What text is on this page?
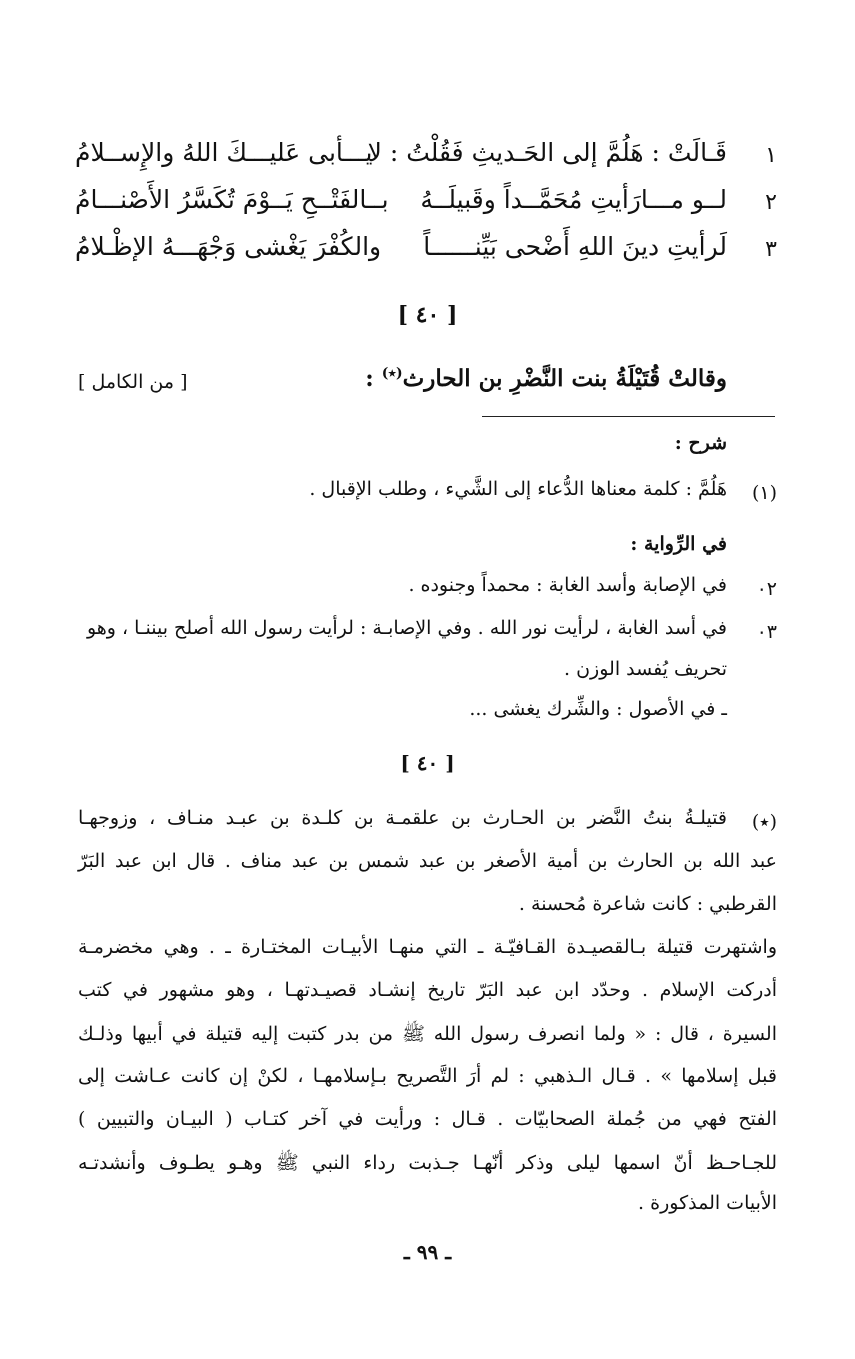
١
قَـالَتْ : هَلُمَّ إلى الحَـديثِ فَقُلْتُ : لا
يـــأبى عَليـــكَ اللهُ والإِســلامُ
٢
لــو مـــارَأيتِ مُحَمَّــداً وقَبيلَــهُ
بــالفَتْــحِ يَــوْمَ تُكَسَّرُ الأَصْنـــامُ
٣
لَرأيتِ دينَ اللهِ أَضْحى بَيِّنــــــاً
والكُفْرَ يَغْشى وَجْهَـــهُ الإظْـلامُ
[ ٤٠ ]
وقالتْ قُتَيْلَةُ بنت النَّضْرِ بن الحارث(٭) :
[ من الكامل ]
شرح :
(١)
هَلُمَّ : كلمة معناها الدُّعاء إلى الشَّيء ، وطلب الإقبال .
في الرِّواية :
٠٢
في الإصابة وأسد الغابة : محمداً وجنوده .
٠٣
في أسد الغابة ، لرأيت نور الله . وفي الإصابـة : لرأيت رسول الله أصلح بيننـا ، وهو
تحريف يُفسد الوزن .
ـ في الأصول : والشِّرك يغشى ...
[ ٤٠ ]
(٭)
قتيلـةُ بنتُ النَّضر بن الحـارث بن علقمـة بن كلـدة بن عبـد منـاف ، وزوجهـا
عبد الله بن الحارث بن أمية الأصغر بن عبد شمس بن عبد مناف . قال ابن عبد البَرّ
القرطبي : كانت شاعرة مُحسنة .
واشتهرت قتيلة بـالقصيـدة القـافيّـة ـ التي منهـا الأبيـات المختـارة ـ . وهي مخضرمـة
أدركت الإسلام . وحدّد ابن عبد البَرّ تاريخ إنشـاد قصيـدتهـا ، وهو مشهور في كتب
السيرة ، قال : « ولما انصرف رسول الله ﷺ من بدر كتبت إليه قتيلة في أبيها وذلـك
قبل إسلامها » . قـال الـذهبي : لم أرَ التَّصريح بـإسلامهـا ، لكنْ إن كانت عـاشت إلى
الفتح فهي من جُملة الصحابيّات . قـال : ورأيت في آخر كتـاب ( البيـان والتبيين )
للجـاحـظ أنّ اسمها ليلى وذكر أنّهـا جـذبت رداء النبي ﷺ وهـو يطـوف وأنشدتـه
الأبيات المذكورة .
ـ ٩٩ ـ
